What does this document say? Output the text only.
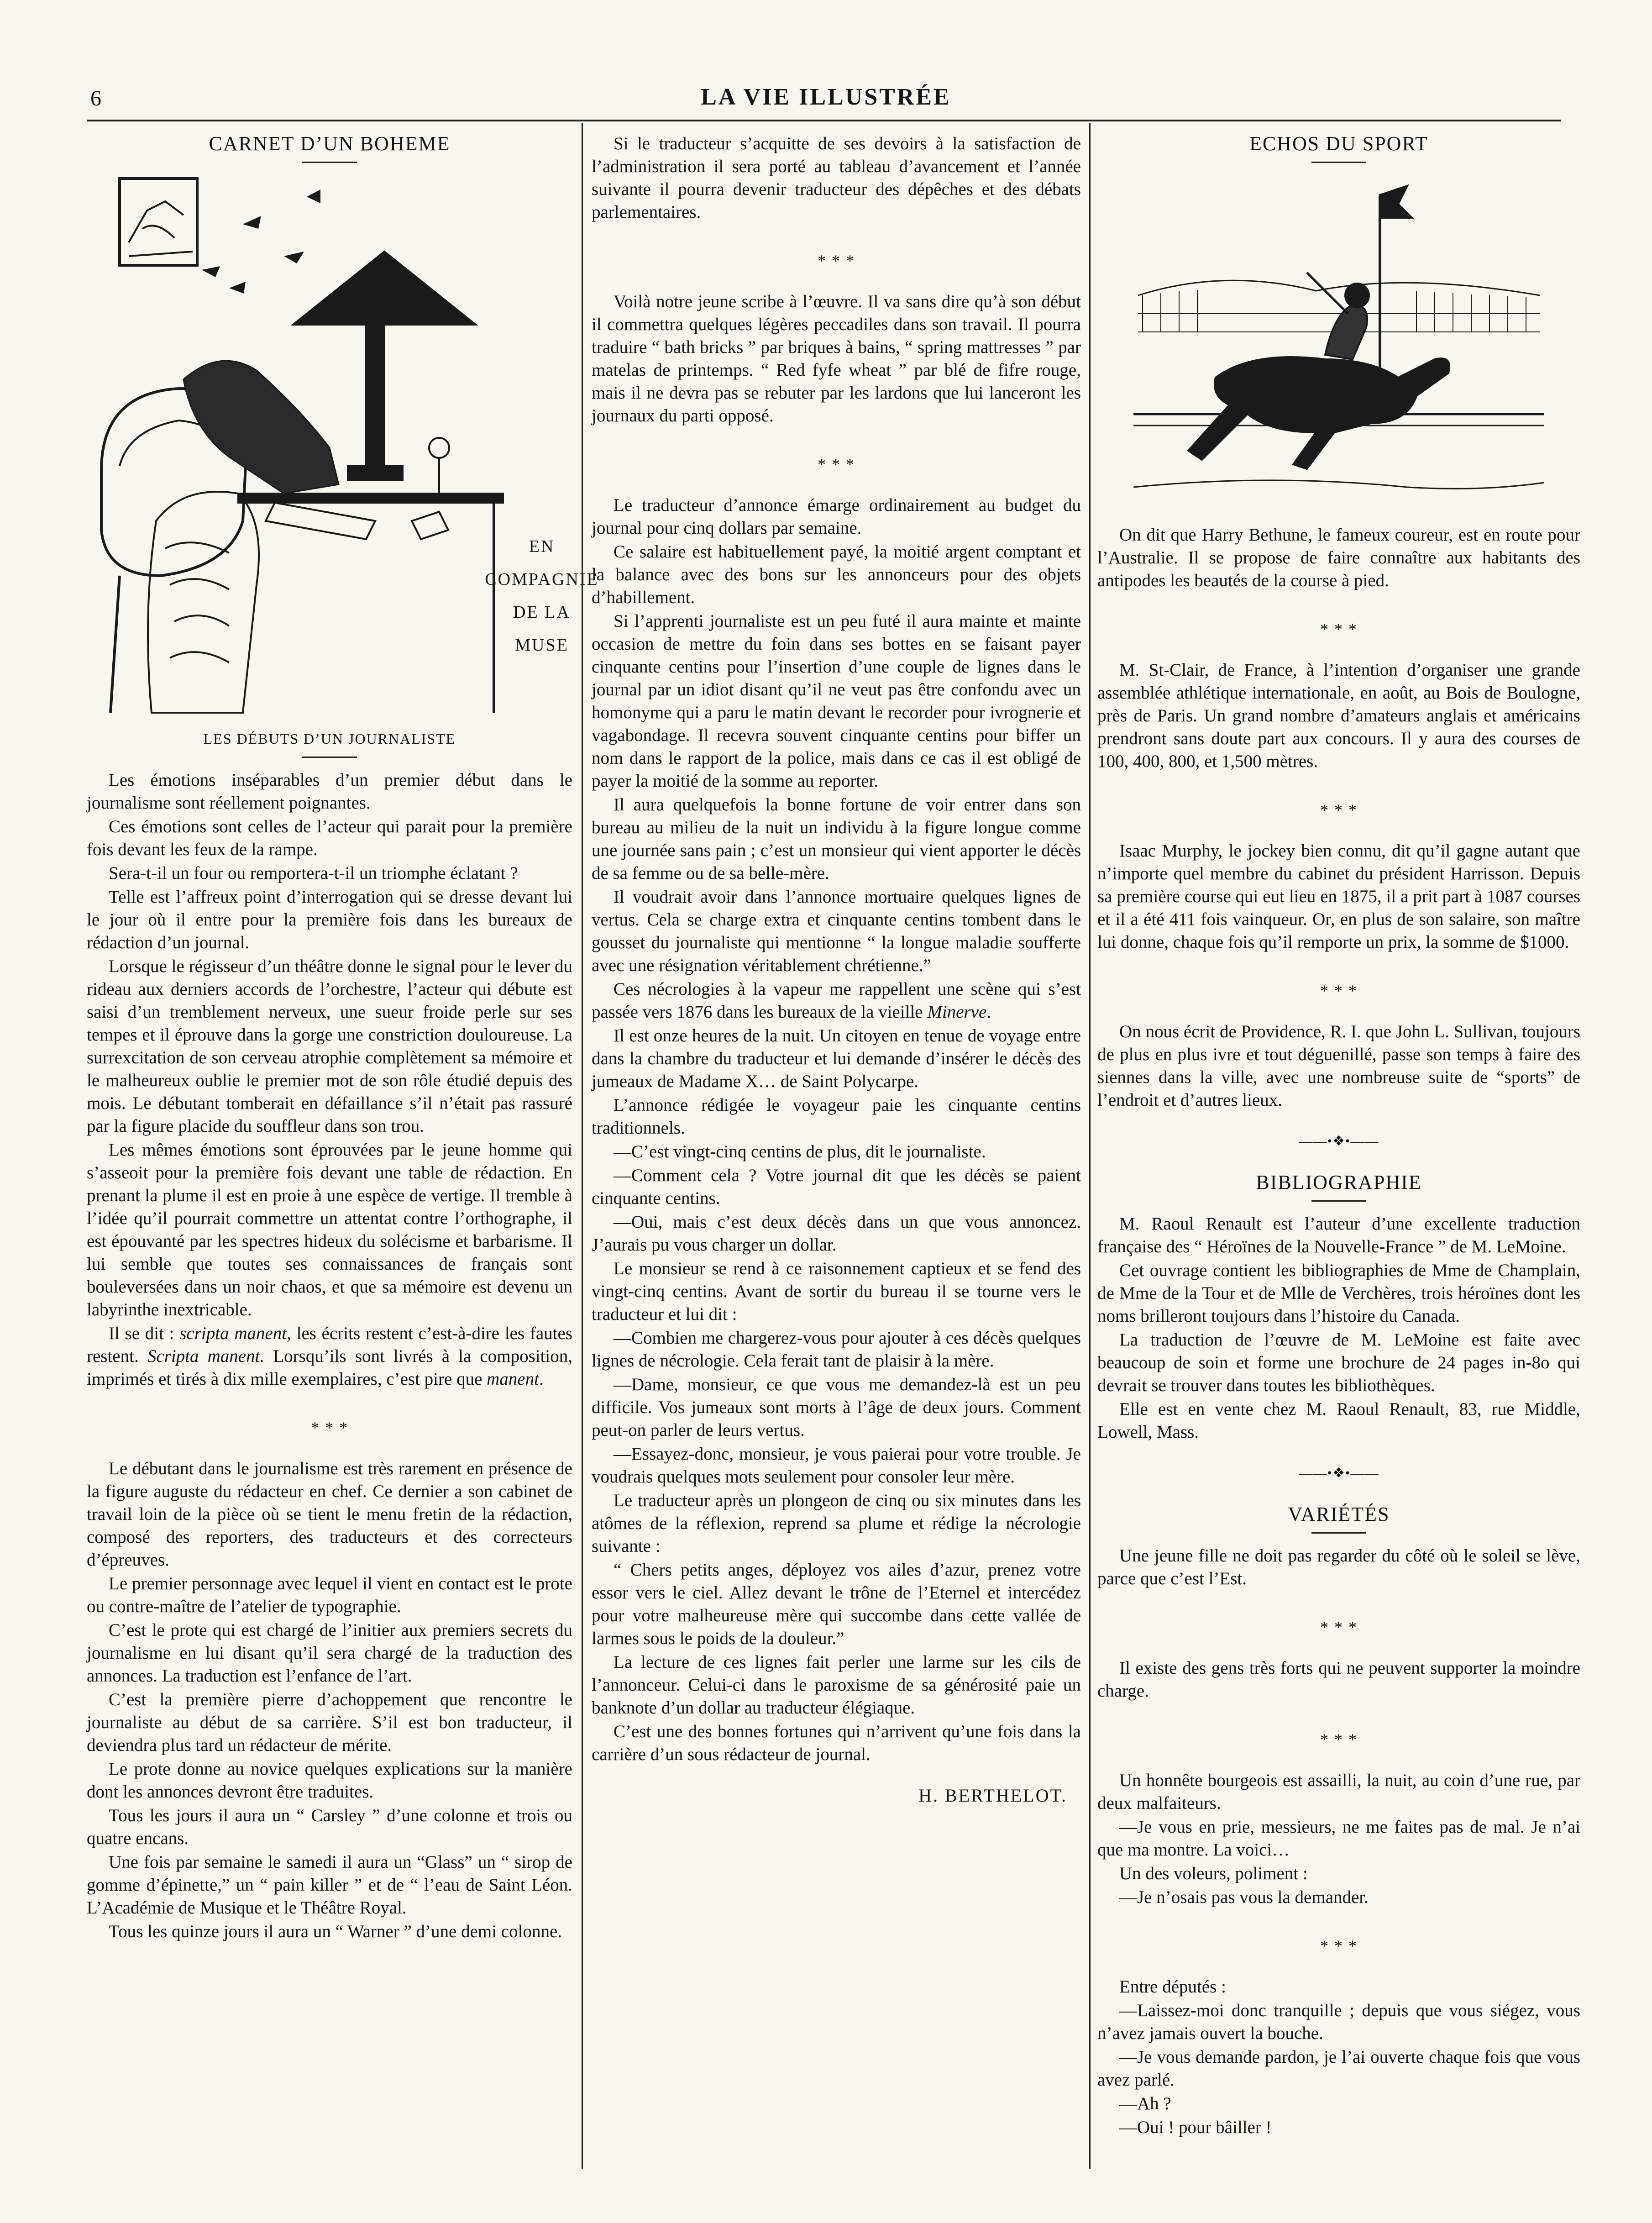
6	LA VIE ILLUSTRÉE
CARNET D’UN BOHEME
EN
COMPAGNIE
DE LA
MUSE
LES DÉBUTS D’UN JOURNALISTE

Les émotions inséparables d’un premier début dans le journalisme sont réellement poignantes.

Ces émotions sont celles de l’acteur qui parait pour la première fois devant les feux de la rampe.

Sera-t-il un four ou remportera-t-il un triomphe éclatant ?

Telle est l’affreux point d’interrogation qui se dresse devant lui le jour où il entre pour la première fois dans les bureaux de rédaction d’un journal.

Lorsque le régisseur d’un théâtre donne le signal pour le lever du rideau aux derniers accords de l’orchestre, l’acteur qui débute est saisi d’un tremblement nerveux, une sueur froide perle sur ses tempes et il éprouve dans la gorge une constriction douloureuse. La surrexcitation de son cerveau atrophie complètement sa mémoire et le malheureux oublie le premier mot de son rôle étudié depuis des mois. Le débutant tomberait en défaillance s’il n’était pas rassuré par la figure placide du souffleur dans son trou.

Les mêmes émotions sont éprouvées par le jeune homme qui s’asseoit pour la première fois devant une table de rédaction. En prenant la plume il est en proie à une espèce de vertige. Il tremble à l’idée qu’il pourrait commettre un attentat contre l’orthographe, il est épouvanté par les spectres hideux du solécisme et barbarisme. Il lui semble que toutes ses connaissances de français sont bouleversées dans un noir chaos, et que sa mémoire est devenu un labyrinthe inextricable.

Il se dit : scripta manent, les écrits restent c’est-à-dire les fautes restent. Scripta manent. Lorsqu’ils sont livrés à la composition, imprimés et tirés à dix mille exemplaires, c’est pire que manent.

* * *

Le débutant dans le journalisme est très rarement en présence de la figure auguste du rédacteur en chef. Ce dernier a son cabinet de travail loin de la pièce où se tient le menu fretin de la rédaction, composé des reporters, des traducteurs et des correcteurs d’épreuves.

Le premier personnage avec lequel il vient en contact est le prote ou contre-maître de l’atelier de typographie.

C’est le prote qui est chargé de l’initier aux premiers secrets du journalisme en lui disant qu’il sera chargé de la traduction des annonces. La traduction est l’enfance de l’art.

C’est la première pierre d’achoppement que rencontre le journaliste au début de sa carrière. S’il est bon traducteur, il deviendra plus tard un rédacteur de mérite.

Le prote donne au novice quelques explications sur la manière dont les annonces devront être traduites.

Tous les jours il aura un “ Carsley ” d’une colonne et trois ou quatre encans.

Une fois par semaine le samedi il aura un “Glass” un “ sirop de gomme d’épinette,” un “ pain killer ” et de “ l’eau de Saint Léon. L’Académie de Musique et le Théâtre Royal.

Tous les quinze jours il aura un “ Warner ” d’une demi colonne.

Si le traducteur s’acquitte de ses devoirs à la satisfaction de l’administration il sera porté au tableau d’avancement et l’année suivante il pourra devenir traducteur des dépêches et des débats parlementaires.

* * *

Voilà notre jeune scribe à l’œuvre. Il va sans dire qu’à son début il commettra quelques légères peccadiles dans son travail. Il pourra traduire “ bath bricks ” par briques à bains, “ spring mattresses ” par matelas de printemps. “ Red fyfe wheat ” par blé de fifre rouge, mais il ne devra pas se rebuter par les lardons que lui lanceront les journaux du parti opposé.

* * *

Le traducteur d’annonce émarge ordinairement au budget du journal pour cinq dollars par semaine.

Ce salaire est habituellement payé, la moitié argent comptant et la balance avec des bons sur les annonceurs pour des objets d’habillement.

Si l’apprenti journaliste est un peu futé il aura mainte et mainte occasion de mettre du foin dans ses bottes en se faisant payer cinquante centins pour l’insertion d’une couple de lignes dans le journal par un idiot disant qu’il ne veut pas être confondu avec un homonyme qui a paru le matin devant le recorder pour ivrognerie et vagabondage. Il recevra souvent cinquante centins pour biffer un nom dans le rapport de la police, mais dans ce cas il est obligé de payer la moitié de la somme au reporter.

Il aura quelquefois la bonne fortune de voir entrer dans son bureau au milieu de la nuit un individu à la figure longue comme une journée sans pain ; c’est un monsieur qui vient apporter le décès de sa femme ou de sa belle-mère.

Il voudrait avoir dans l’annonce mortuaire quelques lignes de vertus. Cela se charge extra et cinquante centins tombent dans le gousset du journaliste qui mentionne “ la longue maladie soufferte avec une résignation véritablement chrétienne.”

Ces nécrologies à la vapeur me rappellent une scène qui s’est passée vers 1876 dans les bureaux de la vieille Minerve.

Il est onze heures de la nuit. Un citoyen en tenue de voyage entre dans la chambre du traducteur et lui demande d’insérer le décès des jumeaux de Madame X… de Saint Polycarpe.

L’annonce rédigée le voyageur paie les cinquante centins traditionnels.

—C’est vingt-cinq centins de plus, dit le journaliste.

—Comment cela ? Votre journal dit que les décès se paient cinquante centins.

—Oui, mais c’est deux décès dans un que vous annoncez. J’aurais pu vous charger un dollar.

Le monsieur se rend à ce raisonnement captieux et se fend des vingt-cinq centins. Avant de sortir du bureau il se tourne vers le traducteur et lui dit :

—Combien me chargerez-vous pour ajouter à ces décès quelques lignes de nécrologie. Cela ferait tant de plaisir à la mère.

—Dame, monsieur, ce que vous me demandez-là est un peu difficile. Vos jumeaux sont morts à l’âge de deux jours. Comment peut-on parler de leurs vertus.

—Essayez-donc, monsieur, je vous paierai pour votre trouble. Je voudrais quelques mots seulement pour consoler leur mère.

Le traducteur après un plongeon de cinq ou six minutes dans les atômes de la réflexion, reprend sa plume et rédige la nécrologie suivante :

“ Chers petits anges, déployez vos ailes d’azur, prenez votre essor vers le ciel. Allez devant le trône de l’Eternel et intercédez pour votre malheureuse mère qui succombe dans cette vallée de larmes sous le poids de la douleur.”

La lecture de ces lignes fait perler une larme sur les cils de l’annonceur. Celui-ci dans le paroxisme de sa générosité paie un banknote d’un dollar au traducteur élégiaque.

C’est une des bonnes fortunes qui n’arrivent qu’une fois dans la carrière d’un sous rédacteur de journal.

H. BERTHELOT.
ECHOS DU SPORT

On dit que Harry Bethune, le fameux coureur, est en route pour l’Australie. Il se propose de faire connaître aux habitants des antipodes les beautés de la course à pied.

* * *

M. St-Clair, de France, à l’intention d’organiser une grande assemblée athlétique internationale, en août, au Bois de Boulogne, près de Paris. Un grand nombre d’amateurs anglais et américains prendront sans doute part aux concours. Il y aura des courses de 100, 400, 800, et 1,500 mètres.

* * *

Isaac Murphy, le jockey bien connu, dit qu’il gagne autant que n’importe quel membre du cabinet du président Harrisson. Depuis sa première course qui eut lieu en 1875, il a prit part à 1087 courses et il a été 411 fois vainqueur. Or, en plus de son salaire, son maître lui donne, chaque fois qu’il remporte un prix, la somme de $1000.

* * *

On nous écrit de Providence, R. I. que John L. Sullivan, toujours de plus en plus ivre et tout déguenillé, passe son temps à faire des siennes dans la ville, avec une nombreuse suite de “sports” de l’endroit et d’autres lieux.

——•❖•——
BIBLIOGRAPHIE

M. Raoul Renault est l’auteur d’une excellente traduction française des “ Héroïnes de la Nouvelle-France ” de M. LeMoine.

Cet ouvrage contient les bibliographies de Mme de Champlain, de Mme de la Tour et de Mlle de Verchères, trois héroïnes dont les noms brilleront toujours dans l’histoire du Canada.

La traduction de l’œuvre de M. LeMoine est faite avec beaucoup de soin et forme une brochure de 24 pages in-8o qui devrait se trouver dans toutes les bibliothèques.

Elle est en vente chez M. Raoul Renault, 83, rue Middle, Lowell, Mass.

——•❖•——
VARIÉTÉS

Une jeune fille ne doit pas regarder du côté où le soleil se lève, parce que c’est l’Est.

* * *

Il existe des gens très forts qui ne peuvent supporter la moindre charge.

* * *

Un honnête bourgeois est assailli, la nuit, au coin d’une rue, par deux malfaiteurs.

—Je vous en prie, messieurs, ne me faites pas de mal. Je n’ai que ma montre. La voici…

Un des voleurs, poliment :

—Je n’osais pas vous la demander.

* * *

Entre députés :

—Laissez-moi donc tranquille ; depuis que vous siégez, vous n’avez jamais ouvert la bouche.

—Je vous demande pardon, je l’ai ouverte chaque fois que vous avez parlé.

—Ah ?

—Oui ! pour bâiller !
